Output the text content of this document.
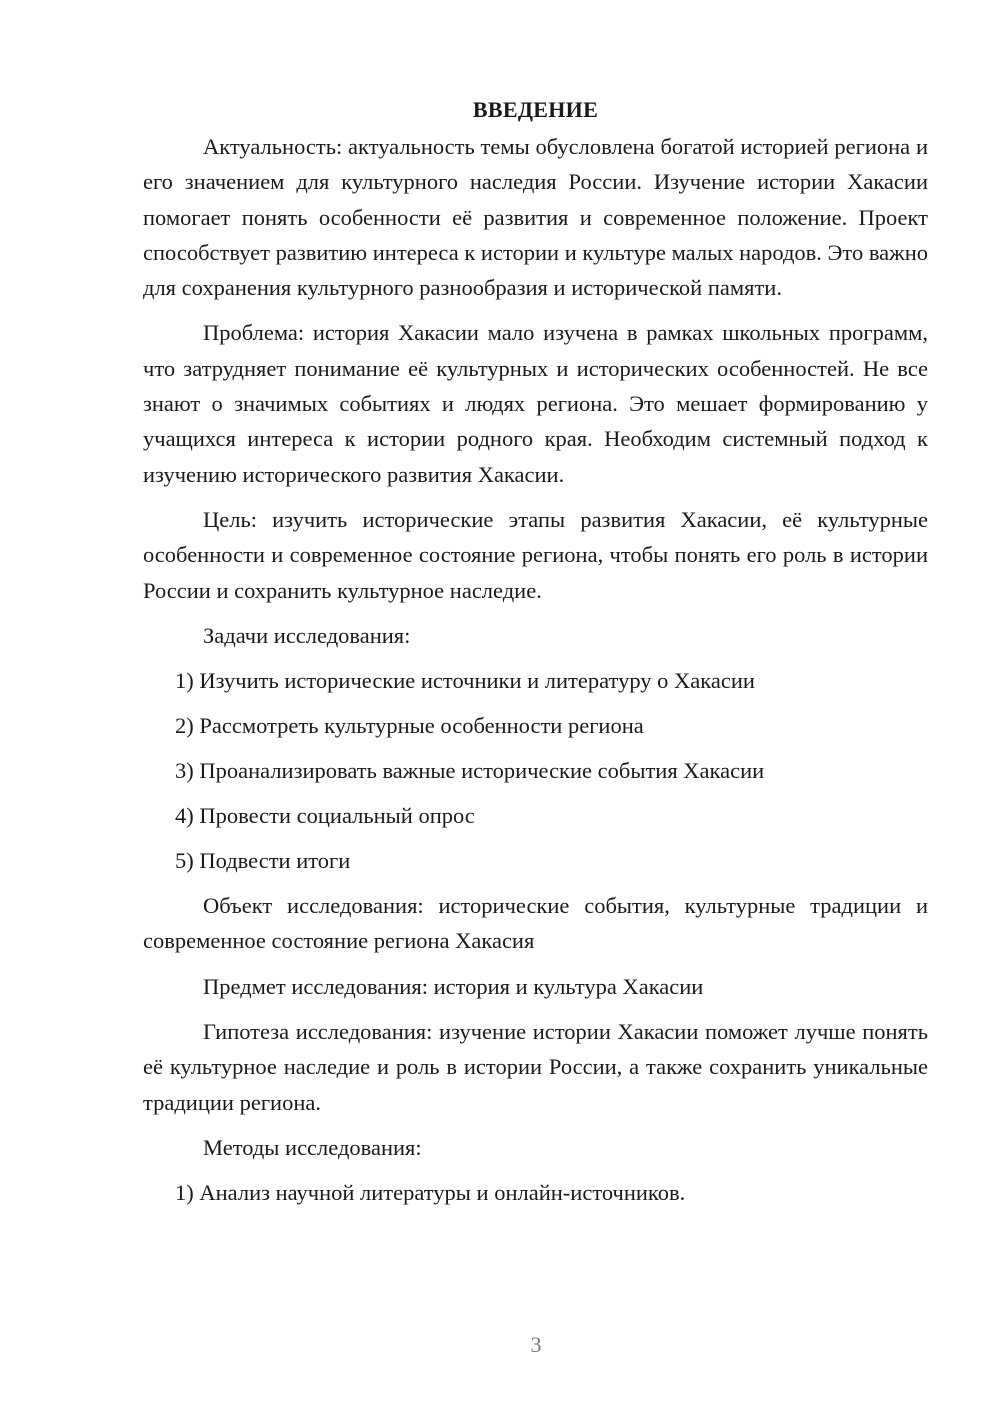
ВВЕДЕНИЕ

Актуальность: актуальность темы обусловлена богатой историей региона и его значением для культурного наследия России. Изучение истории Хакасии помогает понять особенности её развития и современное положение. Проект способствует развитию интереса к истории и культуре малых народов. Это важно для сохранения культурного разнообразия и исторической памяти.

Проблема: история Хакасии мало изучена в рамках школьных программ, что затрудняет понимание её культурных и исторических особенностей. Не все знают о значимых событиях и людях региона. Это мешает формированию у учащихся интереса к истории родного края. Необходим системный подход к изучению исторического развития Хакасии.

Цель: изучить исторические этапы развития Хакасии, её культурные особенности и современное состояние региона, чтобы понять его роль в истории России и сохранить культурное наследие.

Задачи исследования:

1) Изучить исторические источники и литературу о Хакасии
2) Рассмотреть культурные особенности региона
3) Проанализировать важные исторические события Хакасии
4) Провести социальный опрос
5) Подвести итоги

Объект исследования: исторические события, культурные традиции и современное состояние региона Хакасия

Предмет исследования: история и культура Хакасии

Гипотеза исследования: изучение истории Хакасии поможет лучше понять её культурное наследие и роль в истории России, а также сохранить уникальные традиции региона.

Методы исследования:

1) Анализ научной литературы и онлайн-источников.
3
